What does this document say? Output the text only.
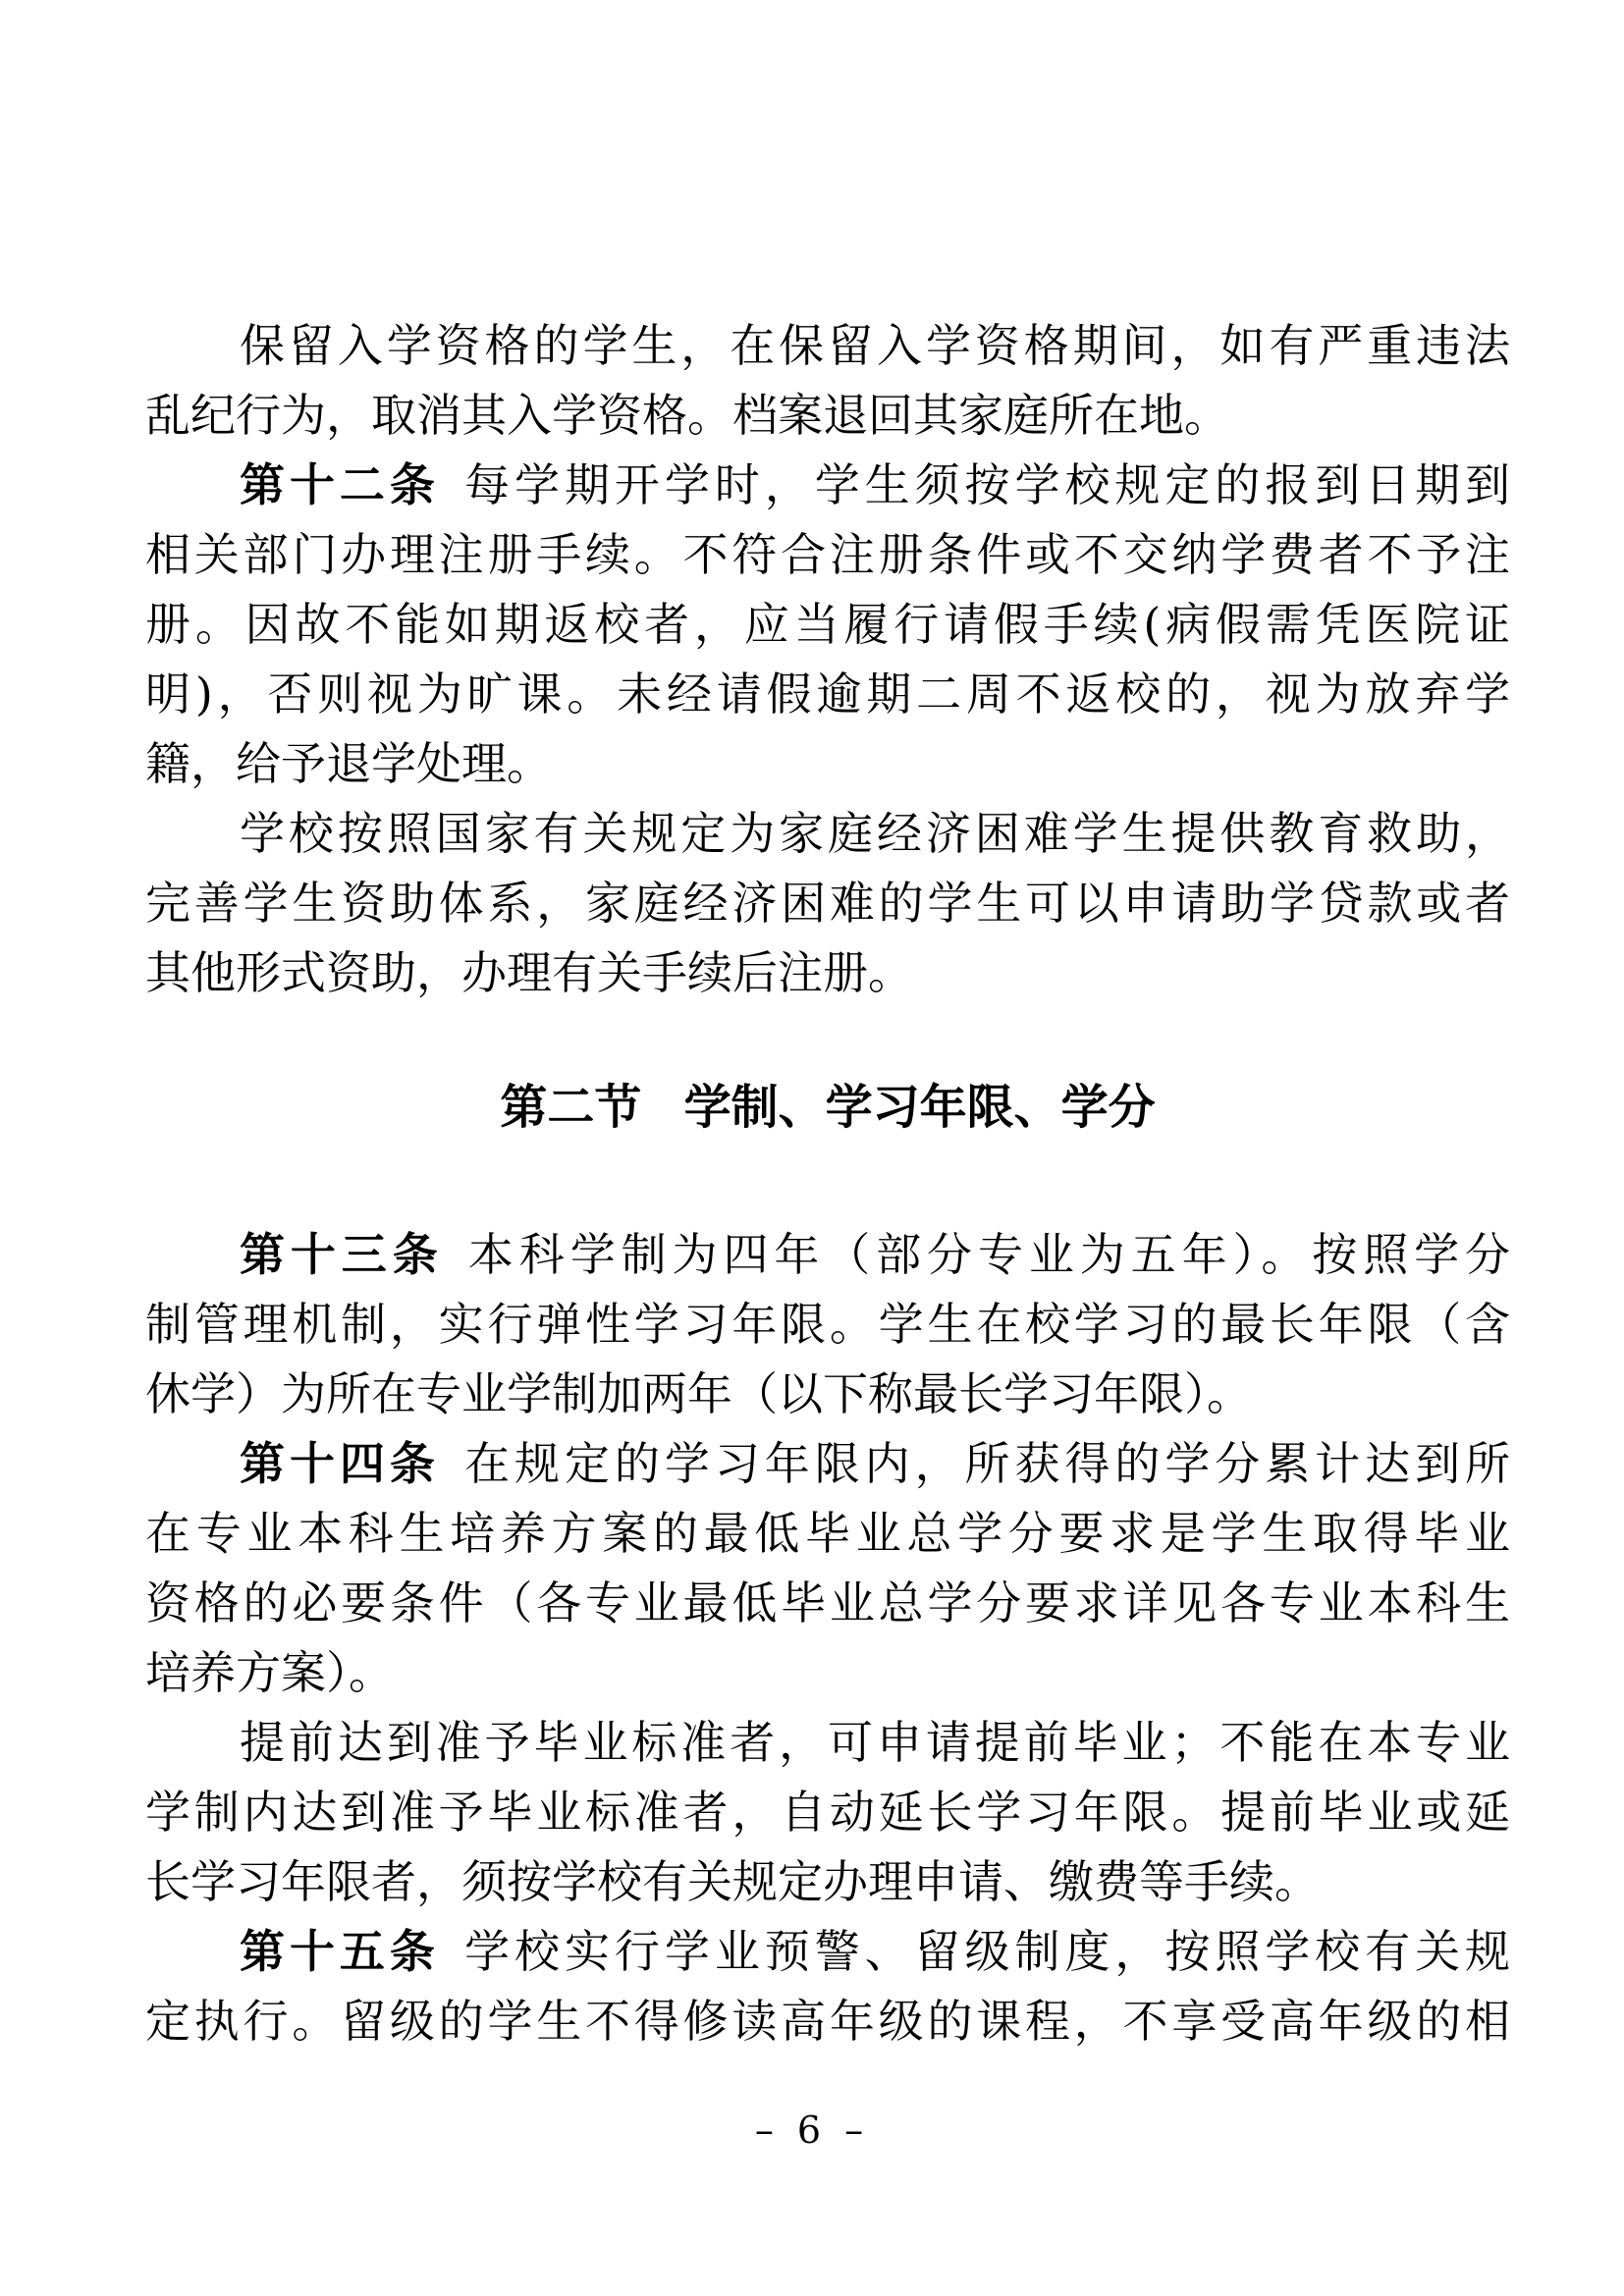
保留入学资格的学生，在保留入学资格期间，如有严重违法

乱纪行为，取消其入学资格。档案退回其家庭所在地。

第十二条 每学期开学时，学生须按学校规定的报到日期到

相关部门办理注册手续。不符合注册条件或不交纳学费者不予注

册。因故不能如期返校者，应当履行请假手续(病假需凭医院证

明)，否则视为旷课。未经请假逾期二周不返校的，视为放弃学

籍，给予退学处理。

学校按照国家有关规定为家庭经济困难学生提供教育救助，

完善学生资助体系，家庭经济困难的学生可以申请助学贷款或者

其他形式资助，办理有关手续后注册。

第二节 学制、学习年限、学分

第十三条 本科学制为四年（部分专业为五年）。按照学分

制管理机制，实行弹性学习年限。学生在校学习的最长年限（含

休学）为所在专业学制加两年（以下称最长学习年限）。

第十四条 在规定的学习年限内，所获得的学分累计达到所

在专业本科生培养方案的最低毕业总学分要求是学生取得毕业

资格的必要条件（各专业最低毕业总学分要求详见各专业本科生

培养方案）。

提前达到准予毕业标准者，可申请提前毕业；不能在本专业

学制内达到准予毕业标准者，自动延长学习年限。提前毕业或延

长学习年限者，须按学校有关规定办理申请、缴费等手续。

第十五条 学校实行学业预警、留级制度，按照学校有关规

定执行。留级的学生不得修读高年级的课程，不享受高年级的相

– 6 –
